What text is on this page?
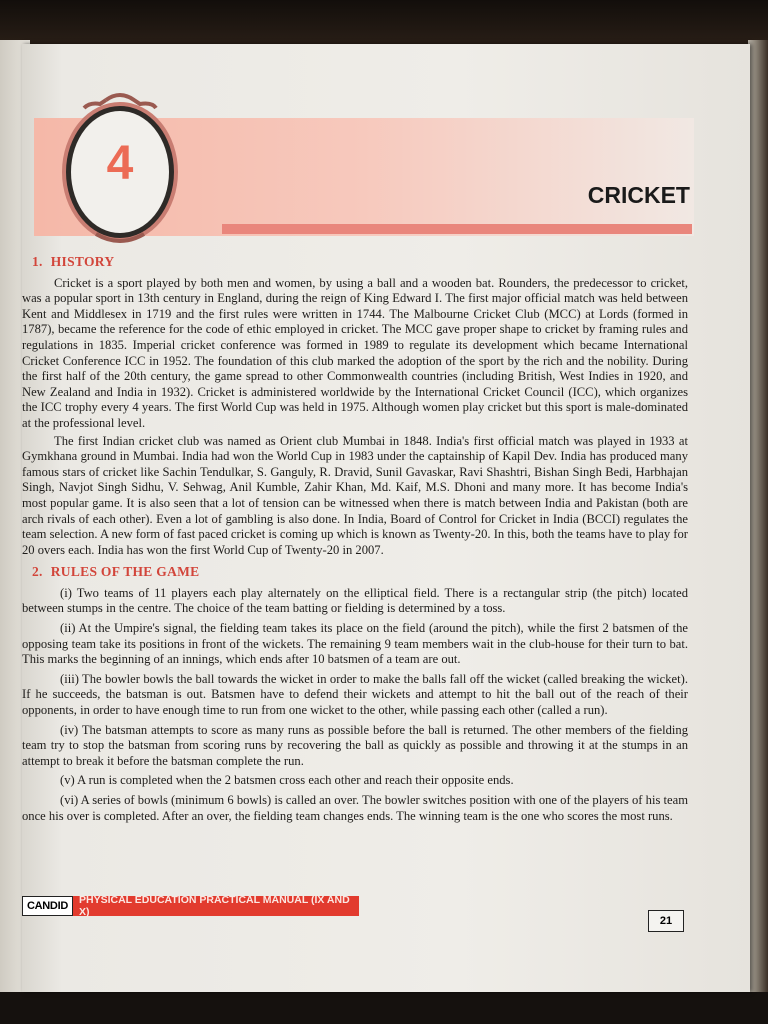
4
CRICKET
1. HISTORY

Cricket is a sport played by both men and women, by using a ball and a wooden bat. Rounders, the predecessor to cricket, was a popular sport in 13th century in England, during the reign of King Edward I. The first major official match was held between Kent and Middlesex in 1719 and the first rules were written in 1744. The Malbourne Cricket Club (MCC) at Lords (formed in 1787), became the reference for the code of ethic employed in cricket. The MCC gave proper shape to cricket by framing rules and regulations in 1835. Imperial cricket conference was formed in 1989 to regulate its development which became International Cricket Conference ICC in 1952. The foundation of this club marked the adoption of the sport by the rich and the nobility. During the first half of the 20th century, the game spread to other Commonwealth countries (including British, West Indies in 1920, and New Zealand and India in 1932). Cricket is administered worldwide by the International Cricket Council (ICC), which organizes the ICC trophy every 4 years. The first World Cup was held in 1975. Although women play cricket but this sport is male-dominated at the professional level.

The first Indian cricket club was named as Orient club Mumbai in 1848. India's first official match was played in 1933 at Gymkhana ground in Mumbai. India had won the World Cup in 1983 under the captainship of Kapil Dev. India has produced many famous stars of cricket like Sachin Tendulkar, S. Ganguly, R. Dravid, Sunil Gavaskar, Ravi Shashtri, Bishan Singh Bedi, Harbhajan Singh, Navjot Singh Sidhu, V. Sehwag, Anil Kumble, Zahir Khan, Md. Kaif, M.S. Dhoni and many more. It has become India's most popular game. It is also seen that a lot of tension can be witnessed when there is match between India and Pakistan (both are arch rivals of each other). Even a lot of gambling is also done. In India, Board of Control for Cricket in India (BCCI) regulates the team selection. A new form of fast paced cricket is coming up which is known as Twenty-20. In this, both the teams have to play for 20 overs each. India has won the first World Cup of Twenty-20 in 2007.

2. RULES OF THE GAME

(i) Two teams of 11 players each play alternately on the elliptical field. There is a rectangular strip (the pitch) located between stumps in the centre. The choice of the team batting or fielding is determined by a toss.

(ii) At the Umpire's signal, the fielding team takes its place on the field (around the pitch), while the first 2 batsmen of the opposing team take its positions in front of the wickets. The remaining 9 team members wait in the club-house for their turn to bat. This marks the beginning of an innings, which ends after 10 batsmen of a team are out.

(iii) The bowler bowls the ball towards the wicket in order to make the balls fall off the wicket (called breaking the wicket). If he succeeds, the batsman is out. Batsmen have to defend their wickets and attempt to hit the ball out of the reach of their opponents, in order to have enough time to run from one wicket to the other, while passing each other (called a run).

(iv) The batsman attempts to score as many runs as possible before the ball is returned. The other members of the fielding team try to stop the batsman from scoring runs by recovering the ball as quickly as possible and throwing it at the stumps in an attempt to break it before the batsman complete the run.

(v) A run is completed when the 2 batsmen cross each other and reach their opposite ends.

(vi) A series of bowls (minimum 6 bowls) is called an over. The bowler switches position with one of the players of his team once his over is completed. After an over, the fielding team changes ends. The winning team is the one who scores the most runs.

CANDID	PHYSICAL EDUCATION PRACTICAL MANUAL (IX AND X)
21
